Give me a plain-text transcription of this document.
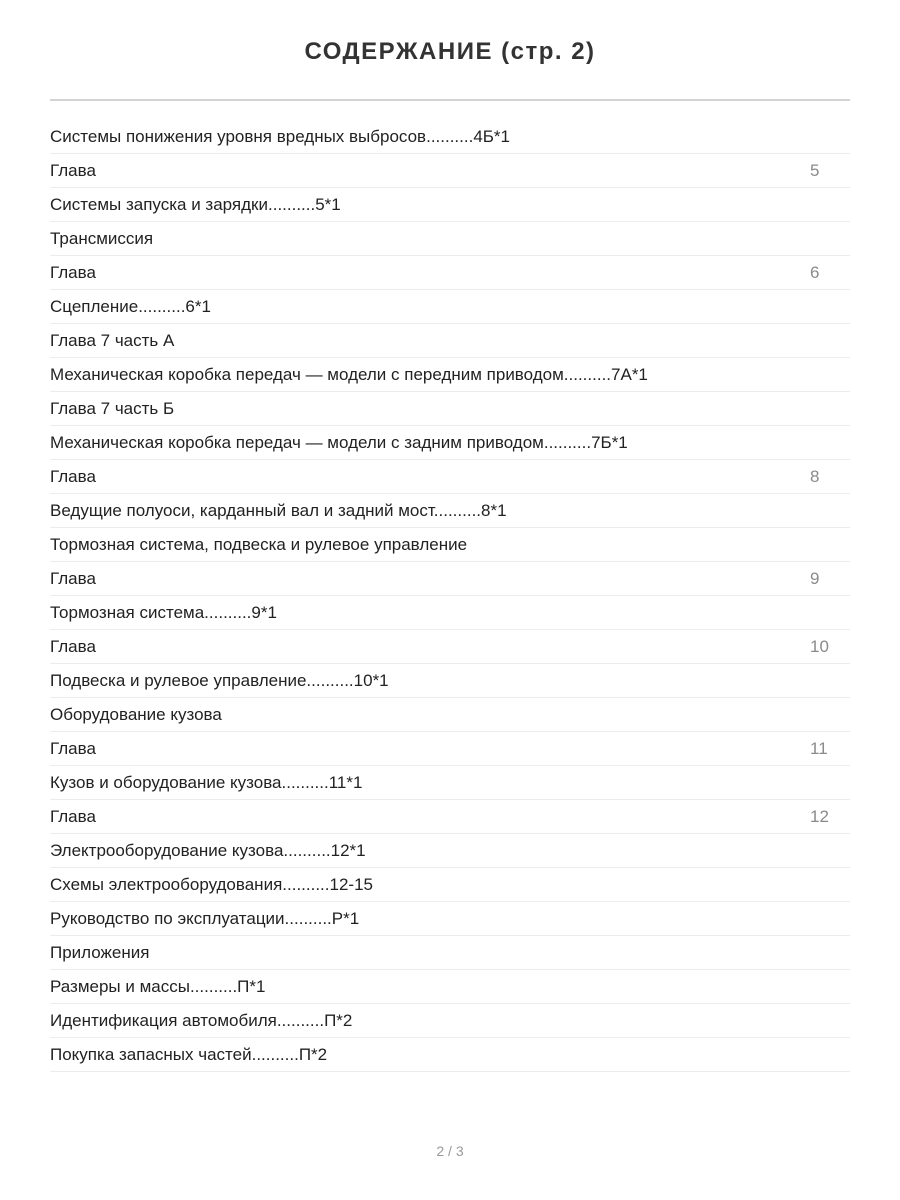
СОДЕРЖАНИЕ (стр. 2)
Системы понижения уровня вредных выбросов..........4Б*1
Глава	5
Системы запуска и зарядки..........5*1
Трансмиссия
Глава	6
Сцепление..........6*1
Глава 7 часть А
Механическая коробка передач — модели с передним приводом..........7А*1
Глава 7 часть Б
Механическая коробка передач — модели с задним приводом..........7Б*1
Глава	8
Ведущие полуоси, карданный вал и задний мост..........8*1
Тормозная система, подвеска и рулевое управление
Глава	9
Тормозная система..........9*1
Глава	10
Подвеска и рулевое управление..........10*1
Оборудование кузова
Глава	11
Кузов и оборудование кузова..........11*1
Глава	12
Электрооборудование кузова..........12*1
Схемы электрооборудования..........12-15
Руководство по эксплуатации..........Р*1
Приложения
Размеры и массы..........П*1
Идентификация автомобиля..........П*2
Покупка запасных частей..........П*2
2 / 3
